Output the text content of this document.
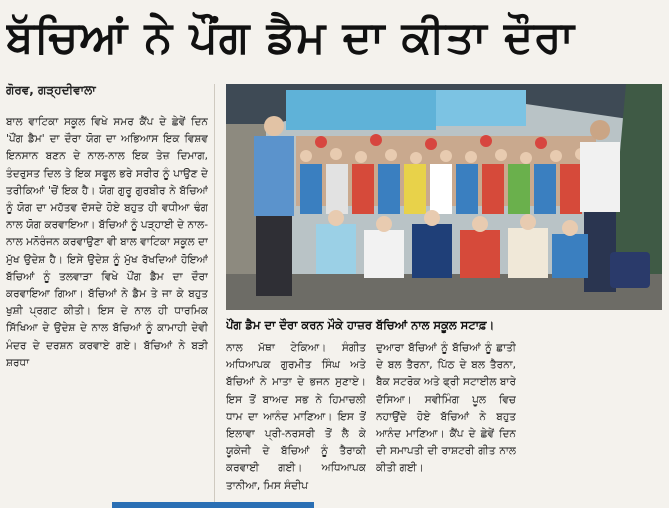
ਬੱਚਿਆਂ ਨੇ ਪੌਂਗ ਡੈਮ ਦਾ ਕੀਤਾ ਦੌਰਾ
ਗੋਰਵ, ਗੜ੍ਹਦੀਵਾਲਾ
ਬਾਲ ਵਾਟਿਕਾ ਸਕੂਲ ਵਿਖੇ ਸਮਰ ਕੈਂਪ ਦੇ ਛੇਵੇਂ ਦਿਨ 'ਪੌਂਗ ਡੈਮ' ਦਾ ਦੌਰਾ ਯੋਗ ਦਾ ਅਭਿਆਸ ਇਕ ਵਿਸ਼ਵ ਇਨਸਾਨ ਬਣਨ ਦੇ ਨਾਲ-ਨਾਲ ਇਕ ਤੇਜ਼ ਦਿਮਾਗ, ਤੰਦਰੁਸਤ ਦਿਲ ਤੇ ਇਕ ਸਫੂਲ ਭਰੇ ਸਰੀਰ ਨੂੰ ਪਾਉਣ ਦੇ ਤਰੀਕਿਆਂ 'ਚੋਂ ਇਕ ਹੈ। ਯੋਗ ਗੁਰੂ ਗੁਰਬੀਰ ਨੇ ਬੱਚਿਆਂ ਨੂੰ ਯੋਗ ਦਾ ਮਹੱਤਵ ਦੱਸਦੇ ਹੋਏ ਬਹੁਤ ਹੀ ਵਧੀਆ ਢੰਗ ਨਾਲ ਯੋਗ ਕਰਵਾਇਆ। ਬੱਚਿਆਂ ਨੂੰ ਪੜ੍ਹਾਈ ਦੇ ਨਾਲ-ਨਾਲ ਮਨੋਰੰਜਨ ਕਰਵਾਉਣਾ ਵੀ ਬਾਲ ਵਾਟਿਕਾ ਸਕੂਲ ਦਾ ਮੁੱਖ ਉਦੇਸ਼ ਹੈ। ਇਸੇ ਉਦੇਸ਼ ਨੂੰ ਮੁੱਖ ਰੱਖਦਿਆਂ ਹੋਇਆਂ ਬੱਚਿਆਂ ਨੂੰ ਤਲਵਾੜਾ ਵਿਖੇ ਪੌਂਗ ਡੈਮ ਦਾ ਦੌਰਾ ਕਰਵਾਇਆ ਗਿਆ। ਬੱਚਿਆਂ ਨੇ ਡੈਮ ਤੇ ਜਾ ਕੇ ਬਹੁਤ ਖੁਸ਼ੀ ਪ੍ਰਗਟ ਕੀਤੀ। ਇਸ ਦੇ ਨਾਲ ਹੀ ਧਾਰਮਿਕ ਸਿੱਖਿਆ ਦੇ ਉਦੇਸ਼ ਦੇ ਨਾਲ ਬੱਚਿਆਂ ਨੂੰ ਕਾਮਾਹੀ ਦੇਵੀ ਮੰਦਰ ਦੇ ਦਰਸ਼ਨ ਕਰਵਾਏ ਗਏ। ਬੱਚਿਆਂ ਨੇ ਬੜੀ ਸ਼ਰਧਾ
ਪੌਂਗ ਡੈਮ ਦਾ ਦੌਰਾ ਕਰਨ ਮੌਕੇ ਹਾਜ਼ਰ ਬੱਚਿਆਂ ਨਾਲ ਸਕੂਲ ਸਟਾਫ਼।
ਨਾਲ ਮੱਥਾ ਟੇਕਿਆ। ਸੰਗੀਤ ਅਧਿਆਪਕ ਗੁਰਮੀਤ ਸਿੰਘ ਅਤੇ ਬੱਚਿਆਂ ਨੇ ਮਾਤਾ ਦੇ ਭਜਨ ਸੁਣਾਏ। ਇਸ ਤੋਂ ਬਾਅਦ ਸਭ ਨੇ ਹਿਮਾਚਲੀ ਧਾਮ ਦਾ ਆਨੰਦ ਮਾਣਿਆ। ਇਸ ਤੋਂ ਇਲਾਵਾ ਪ੍ਰੀ-ਨਰਸਰੀ ਤੋਂ ਲੈ ਕੇ ਯੂਕੇਜੀ ਦੇ ਬੱਚਿਆਂ ਨੂੰ ਤੈਰਾਕੀ ਕਰਵਾਈ ਗਈ। ਅਧਿਆਪਕ ਤਾਨੀਆ, ਮਿਸ ਸੰਦੀਪ
ਦੁਆਰਾ ਬੱਚਿਆਂ ਨੂੰ ਬੱਚਿਆਂ ਨੂੰ ਛਾਤੀ ਦੇ ਬਲ ਤੈਰਨਾ, ਪਿੱਠ ਦੇ ਬਲ ਤੈਰਨਾ, ਬੈਕ ਸਟਰੋਕ ਅਤੇ ਫ੍ਰੀ ਸਟਾਈਲ ਬਾਰੇ ਦੱਸਿਆ। ਸਵੀਮਿੰਗ ਪੂਲ ਵਿਚ ਨਹਾਉਂਦੇ ਹੋਏ ਬੱਚਿਆਂ ਨੇ ਬਹੁਤ ਆਨੰਦ ਮਾਣਿਆ। ਕੈਂਪ ਦੇ ਛੇਵੇਂ ਦਿਨ ਦੀ ਸਮਾਪਤੀ ਦੀ ਰਾਸ਼ਟਰੀ ਗੀਤ ਨਾਲ ਕੀਤੀ ਗਈ।
